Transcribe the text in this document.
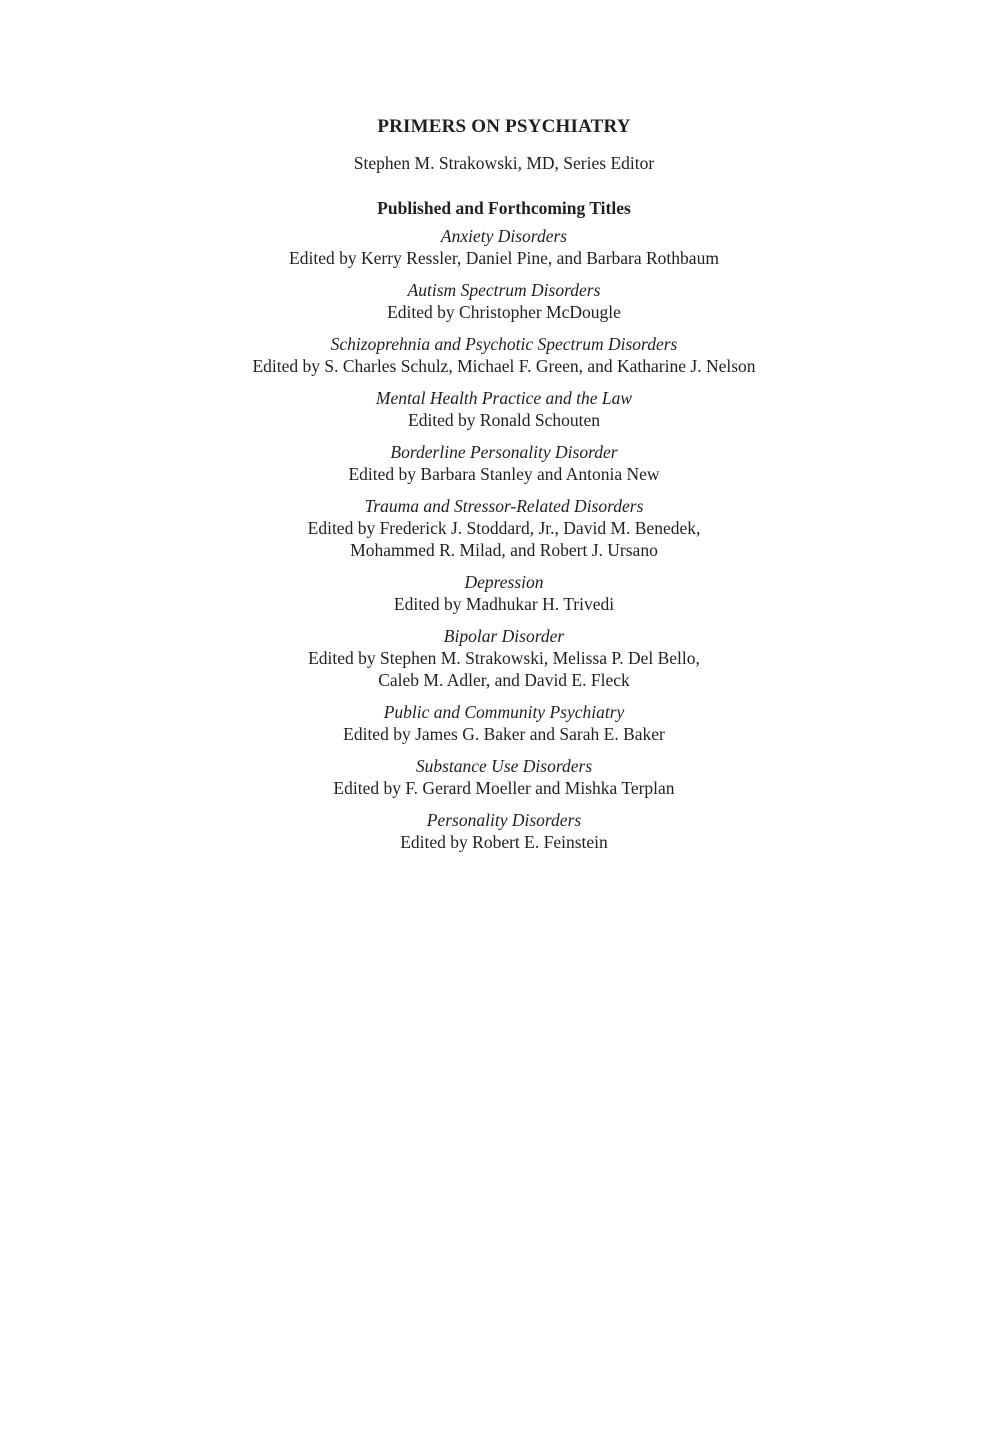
PRIMERS ON PSYCHIATRY

Stephen M. Strakowski, MD, Series Editor

Published and Forthcoming Titles
Anxiety Disorders
Edited by Kerry Ressler, Daniel Pine, and Barbara Rothbaum
Autism Spectrum Disorders
Edited by Christopher McDougle
Schizoprehnia and Psychotic Spectrum Disorders
Edited by S. Charles Schulz, Michael F. Green, and Katharine J. Nelson
Mental Health Practice and the Law
Edited by Ronald Schouten
Borderline Personality Disorder
Edited by Barbara Stanley and Antonia New
Trauma and Stressor-Related Disorders
Edited by Frederick J. Stoddard, Jr., David M. Benedek,
Mohammed R. Milad, and Robert J. Ursano
Depression
Edited by Madhukar H. Trivedi
Bipolar Disorder
Edited by Stephen M. Strakowski, Melissa P. Del Bello,
Caleb M. Adler, and David E. Fleck
Public and Community Psychiatry
Edited by James G. Baker and Sarah E. Baker
Substance Use Disorders
Edited by F. Gerard Moeller and Mishka Terplan
Personality Disorders
Edited by Robert E. Feinstein
